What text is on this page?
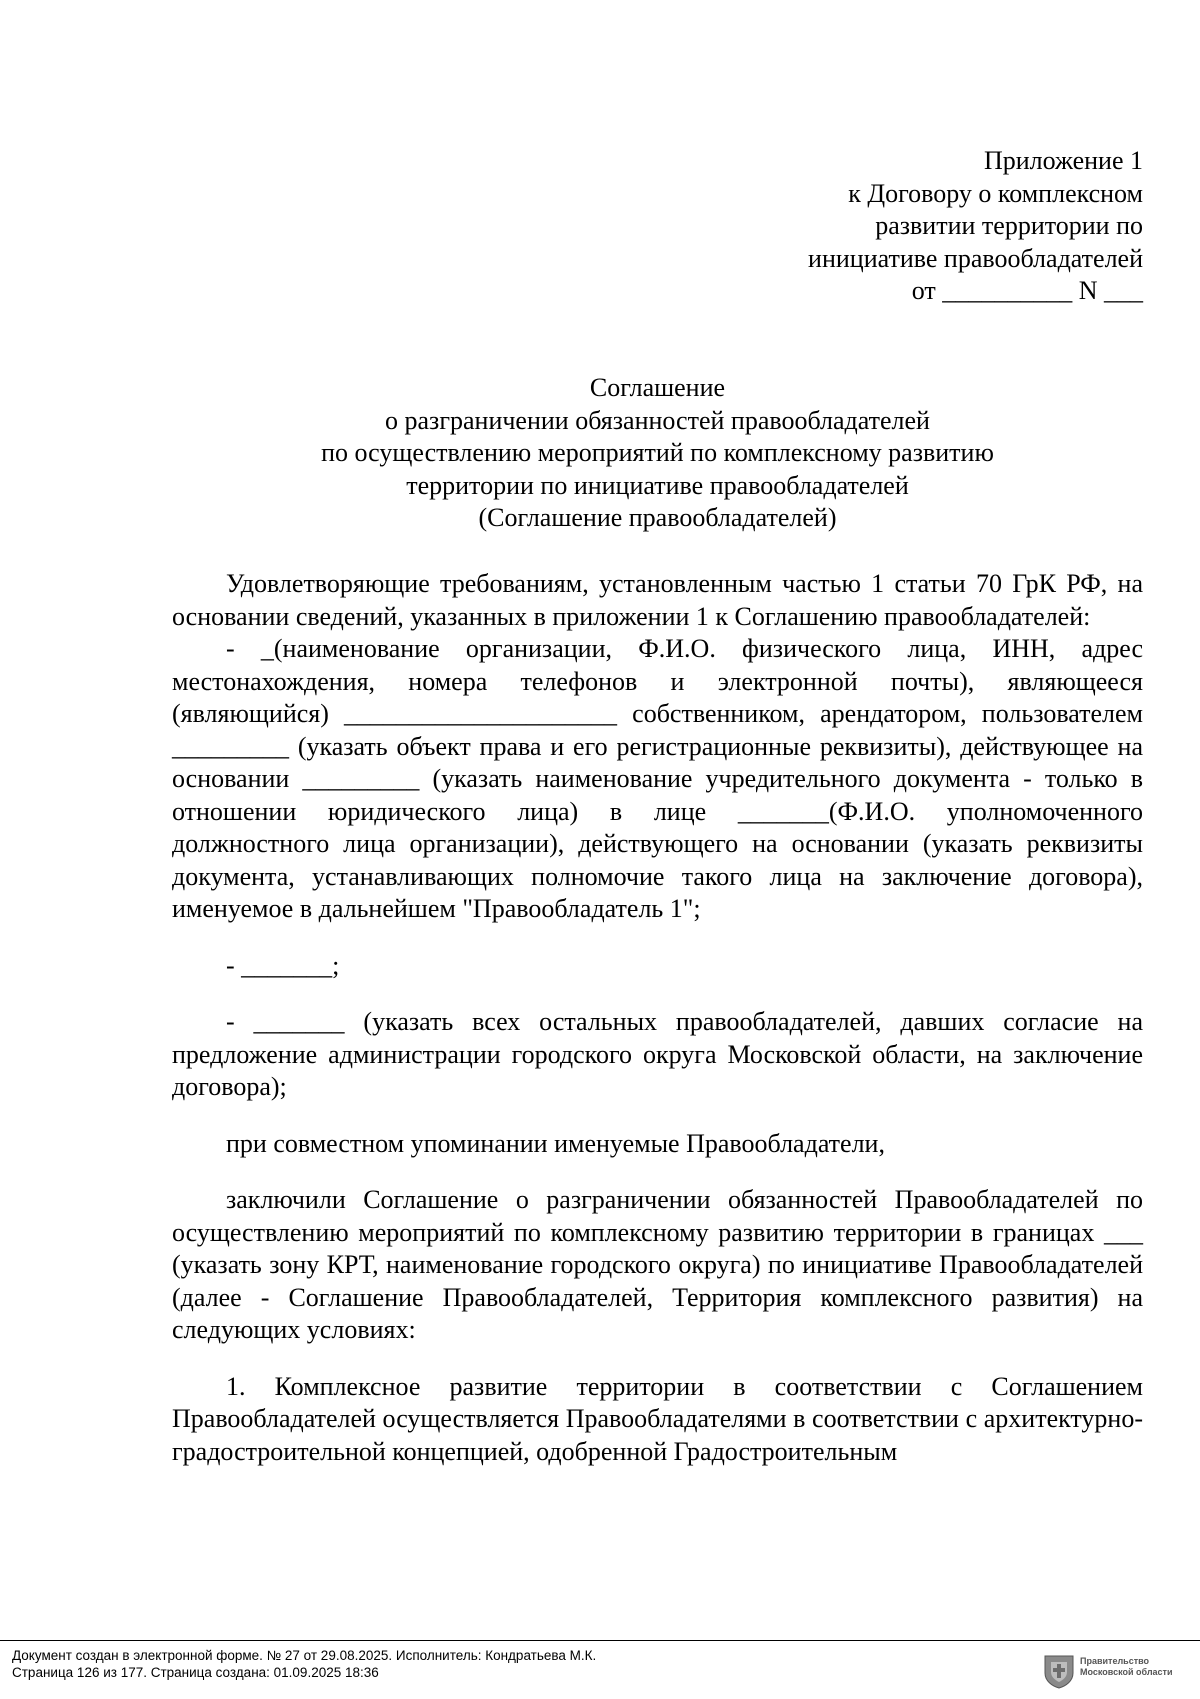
Приложение 1
к Договору о комплексном
развитии территории по
инициативе правообладателей
от __________ N ___
Соглашение
о разграничении обязанностей правообладателей
по осуществлению мероприятий по комплексному развитию
территории по инициативе правообладателей
(Соглашение правообладателей)

Удовлетворяющие требованиям, установленным частью 1 статьи 70 ГрК РФ, на основании сведений, указанных в приложении 1 к Соглашению правообладателей:

- _(наименование организации, Ф.И.О. физического лица, ИНН, адрес местонахождения, номера телефонов и электронной почты), являющееся (являющийся) _____________________ собственником, арендатором, пользователем _________ (указать объект права и его регистрационные реквизиты), действующее на основании _________ (указать наименование учредительного документа - только в отношении юридического лица) в лице _______(Ф.И.О. уполномоченного должностного лица организации), действующего на основании (указать реквизиты документа, устанавливающих полномочие такого лица на заключение договора), именуемое в дальнейшем "Правообладатель 1";

- _______;

- _______ (указать всех остальных правообладателей, давших согласие на предложение администрации городского округа Московской области, на заключение договора);

при совместном упоминании именуемые Правообладатели,

заключили Соглашение о разграничении обязанностей Правообладателей по осуществлению мероприятий по комплексному развитию территории в границах ___ (указать зону КРТ, наименование городского округа) по инициативе Правообладателей (далее - Соглашение Правообладателей, Территория комплексного развития) на следующих условиях:

1. Комплексное развитие территории в соответствии с Соглашением Правообладателей осуществляется Правообладателями в соответствии с архитектурно-градостроительной концепцией, одобренной Градостроительным

Документ создан в электронной форме. № 27 от 29.08.2025. Исполнитель: Кондратьева М.К.
Страница 126 из 177. Страница создана: 01.09.2025 18:36
Правительство
Московской области
